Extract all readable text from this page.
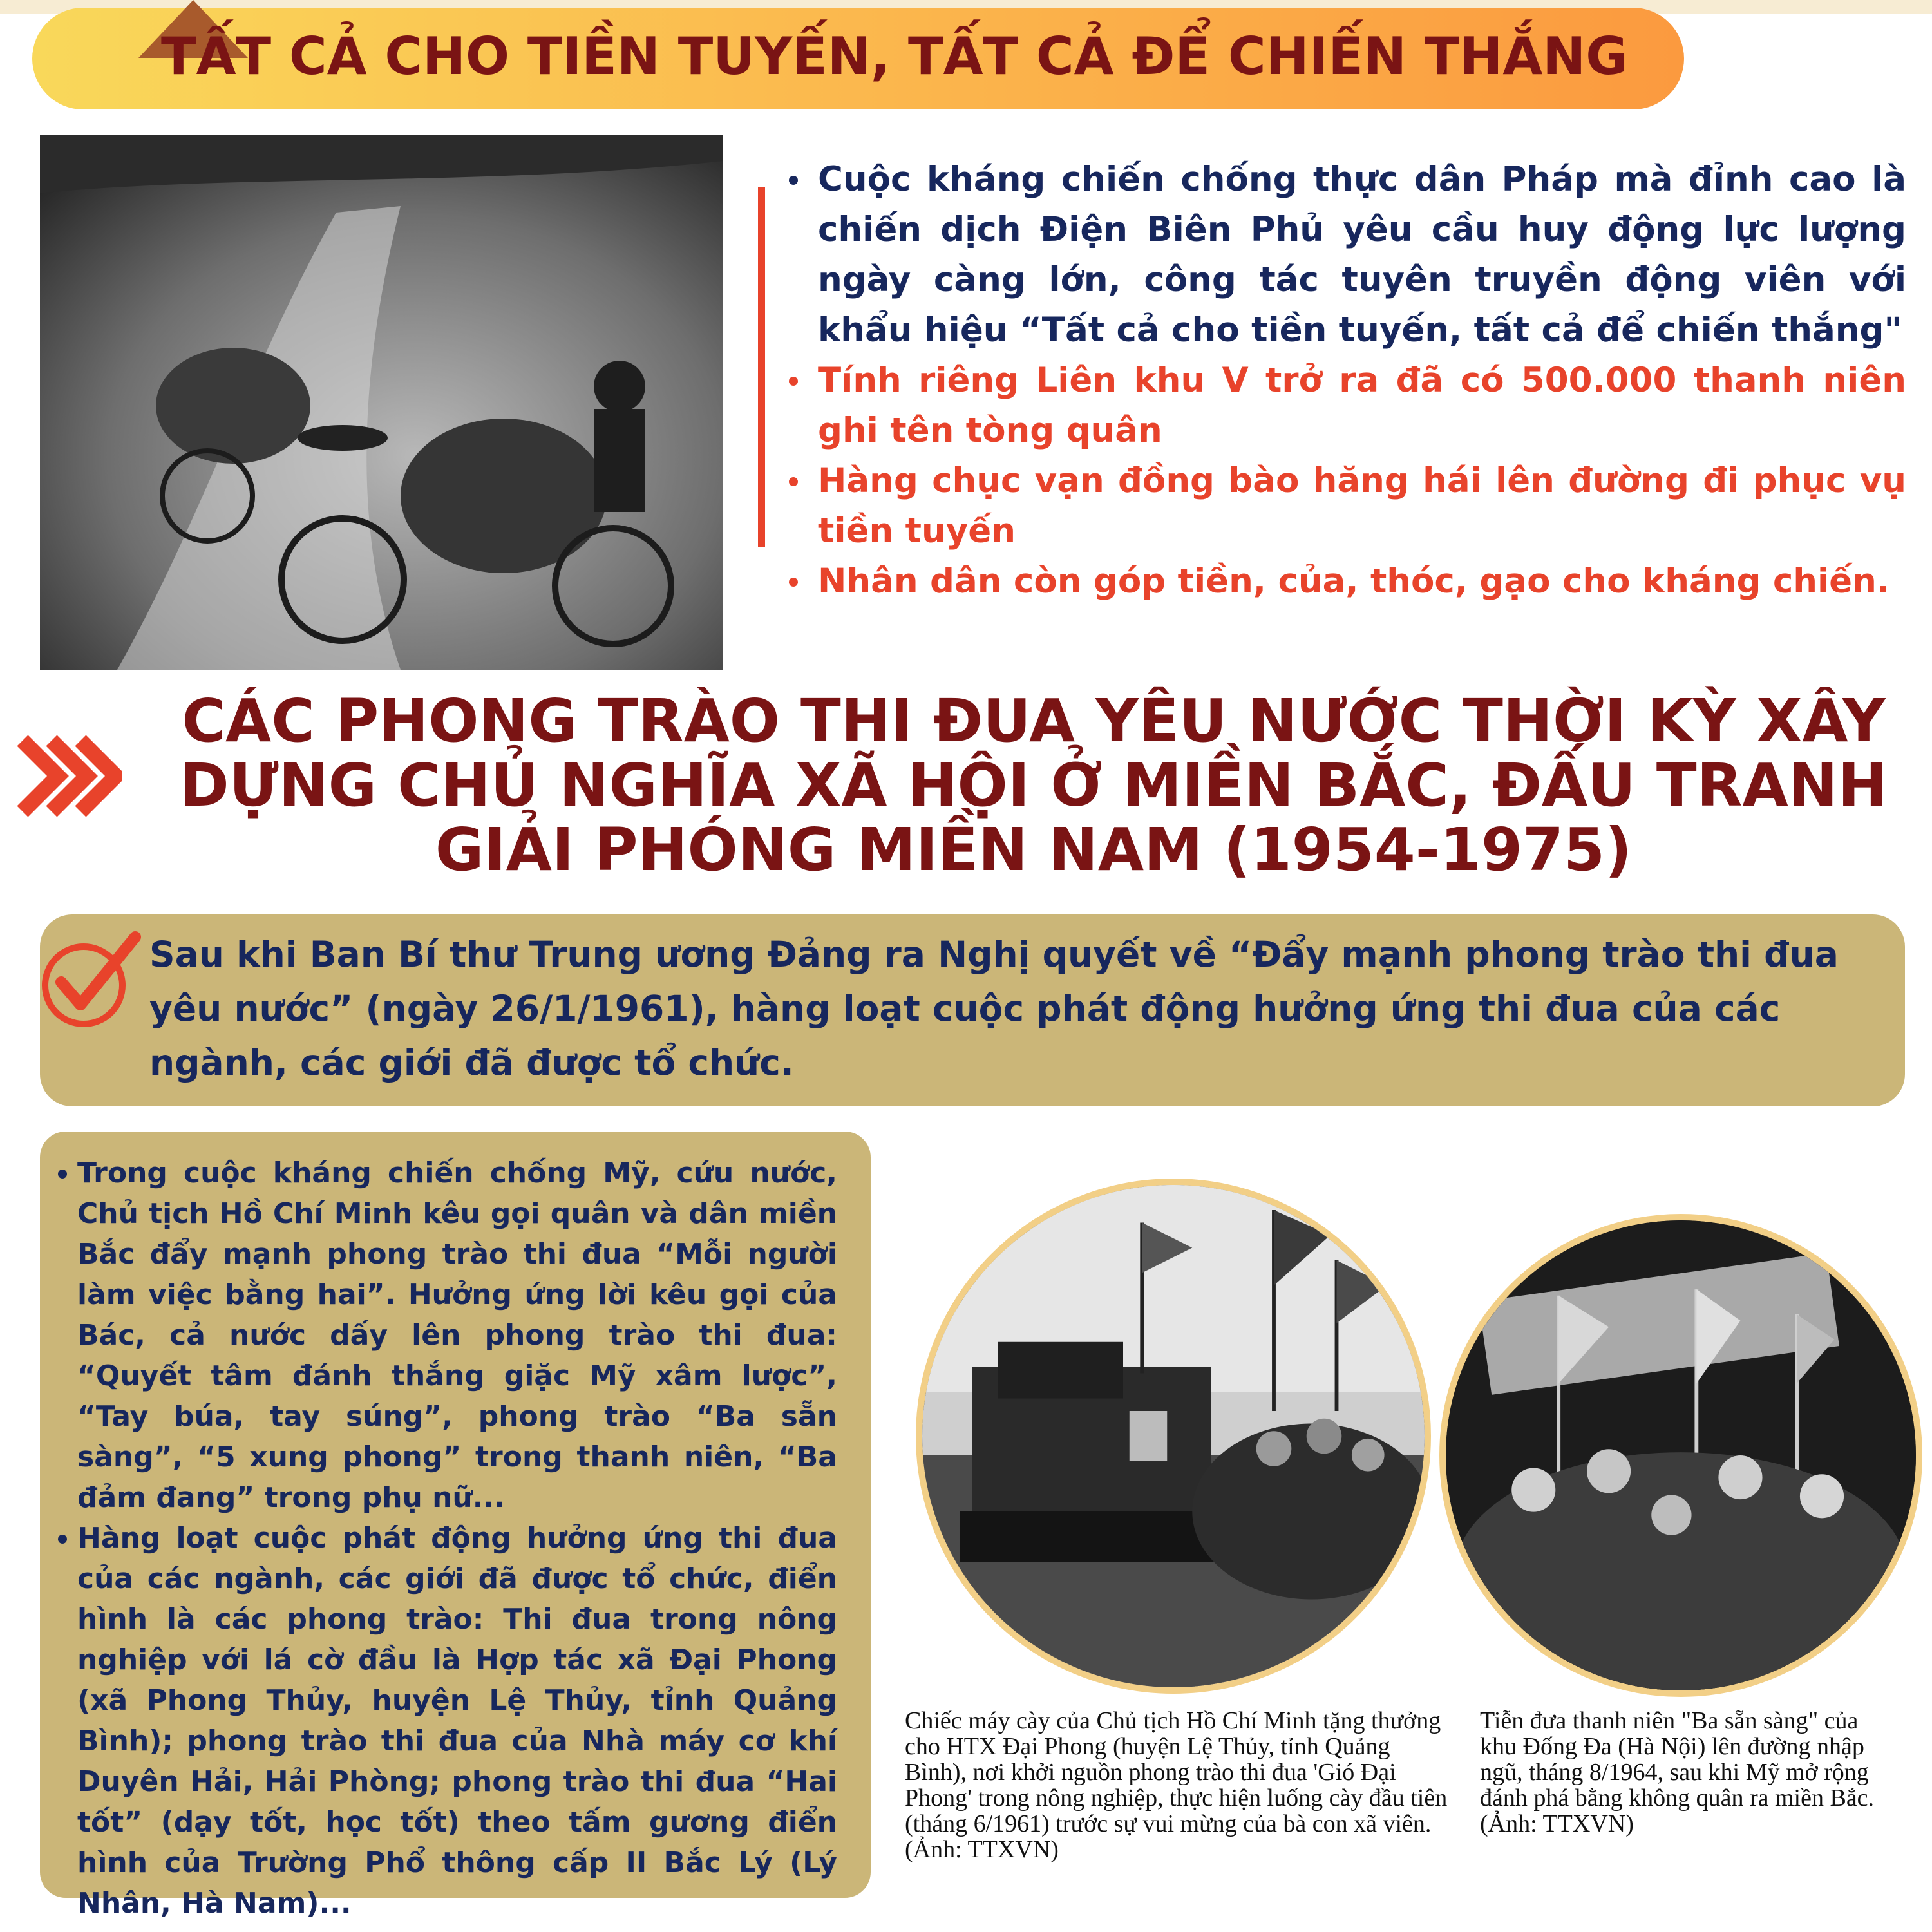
TẤT CẢ CHO TIỀN TUYẾN, TẤT CẢ ĐỂ CHIẾN THẮNG
Cuộc kháng chiến chống thực dân Pháp mà đỉnh cao là chiến dịch Điện Biên Phủ yêu cầu huy động lực lượng ngày càng lớn, công tác tuyên truyền động viên với khẩu hiệu “Tất cả cho tiền tuyến, tất cả để chiến thắng"
Tính riêng Liên khu V trở ra đã có 500.000 thanh niên ghi tên tòng quân
Hàng chục vạn đồng bào hăng hái lên đường đi phục vụ tiền tuyến
Nhân dân còn góp tiền, của, thóc, gạo cho kháng chiến.
CÁC PHONG TRÀO THI ĐUA YÊU NƯỚC THỜI KỲ XÂY DỰNG CHỦ NGHĨA XÃ HỘI Ở MIỀN BẮC, ĐẤU TRANH GIẢI PHÓNG MIỀN NAM (1954-1975)

Sau khi Ban Bí thư Trung ương Đảng ra Nghị quyết về “Đẩy mạnh phong trào thi đua yêu nước” (ngày 26/1/1961), hàng loạt cuộc phát động hưởng ứng thi đua của các ngành, các giới đã được tổ chức.

Trong cuộc kháng chiến chống Mỹ, cứu nước, Chủ tịch Hồ Chí Minh kêu gọi quân và dân miền Bắc đẩy mạnh phong trào thi đua “Mỗi người làm việc bằng hai”. Hưởng ứng lời kêu gọi của Bác, cả nước dấy lên phong trào thi đua: “Quyết tâm đánh thắng giặc Mỹ xâm lược”, “Tay búa, tay súng”, phong trào “Ba sẵn sàng”, “5 xung phong” trong thanh niên, “Ba đảm đang” trong phụ nữ...
Hàng loạt cuộc phát động hưởng ứng thi đua của các ngành, các giới đã được tổ chức, điển hình là các phong trào: Thi đua trong nông nghiệp với lá cờ đầu là Hợp tác xã Đại Phong (xã Phong Thủy, huyện Lệ Thủy, tỉnh Quảng Bình); phong trào thi đua của Nhà máy cơ khí Duyên Hải, Hải Phòng; phong trào thi đua “Hai tốt” (dạy tốt, học tốt) theo tấm gương điển hình của Trường Phổ thông cấp II Bắc Lý (Lý Nhân, Hà Nam)...

Chiếc máy cày của Chủ tịch Hồ Chí Minh tặng thưởng cho HTX Đại Phong (huyện Lệ Thủy, tỉnh Quảng Bình), nơi khởi nguồn phong trào thi đua 'Gió Đại Phong' trong nông nghiệp, thực hiện luống cày đầu tiên (tháng 6/1961) trước sự vui mừng của bà con xã viên. (Ảnh: TTXVN)

Tiễn đưa thanh niên "Ba sẵn sàng" của khu Đống Đa (Hà Nội) lên đường nhập ngũ, tháng 8/1964, sau khi Mỹ mở rộng đánh phá bằng không quân ra miền Bắc. (Ảnh: TTXVN)
